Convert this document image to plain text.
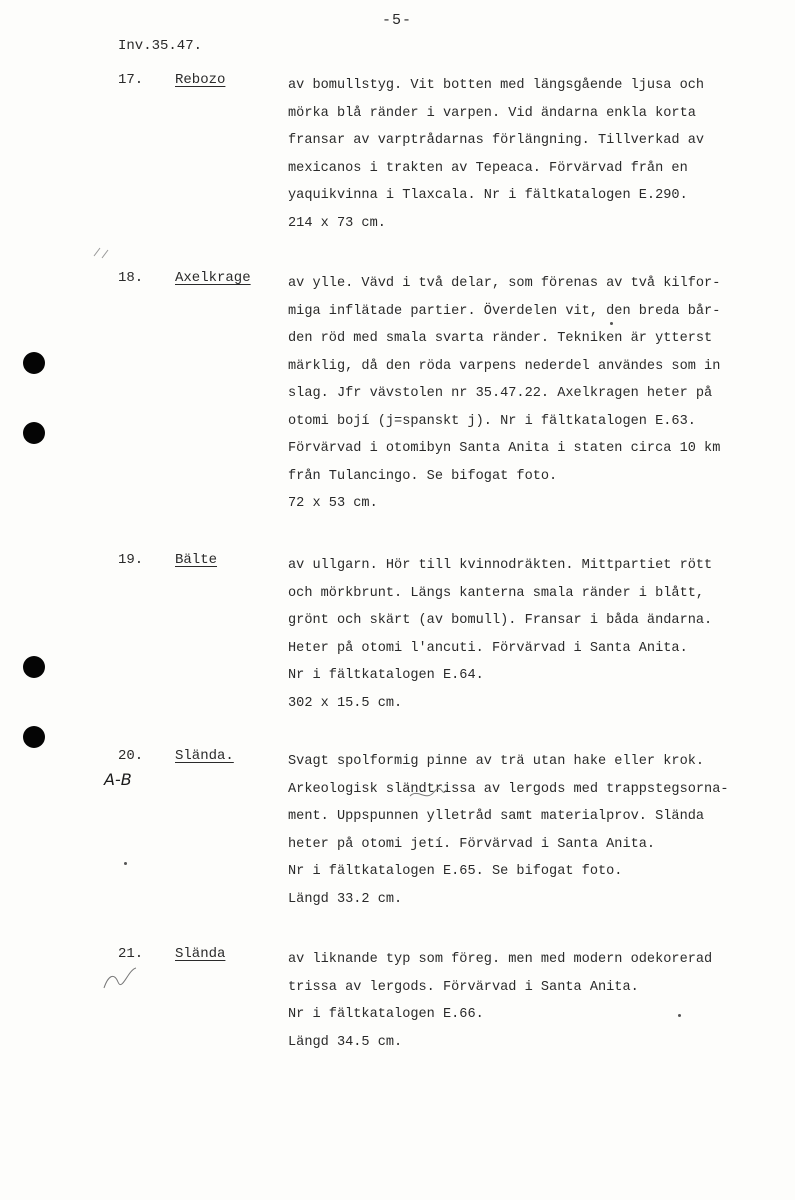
-5-
Inv.35.47.
17. Rebozo	av bomullstyg. Vit botten med längsgående ljusa och
mörka blå ränder i varpen. Vid ändarna enkla korta
fransar av varptrådarnas förlängning. Tillverkad av
mexicanos i trakten av Tepeaca. Förvärvad från en
yaquikvinna i Tlaxcala. Nr i fältkatalogen E.290.
214 x 73 cm.
18. Axelkrage	av ylle. Vävd i två delar, som förenas av två kilfor-
miga inflätade partier. Överdelen vit, den breda bår-
den röd med smala svarta ränder. Tekniken är ytterst
märklig, då den röda varpens nederdel användes som in
slag. Jfr vävstolen nr 35.47.22. Axelkragen heter på
otomi bojí (j=spanskt j). Nr i fältkatalogen E.63.
Förvärvad i otomibyn Santa Anita i staten circa 10 km
från Tulancingo. Se bifogat foto.
72 x 53 cm.
19. Bälte	av ullgarn. Hör till kvinnodräkten. Mittpartiet rött
och mörkbrunt. Längs kanterna smala ränder i blått,
grönt och skärt (av bomull). Fransar i båda ändarna.
Heter på otomi l'ancuti. Förvärvad i Santa Anita.
Nr i fältkatalogen E.64.
302 x 15.5 cm.
20. Slända.	Svagt spolformig pinne av trä utan hake eller krok.
Arkeologisk sländtrissa av lergods med trappstegsorna-
ment. Uppspunnen ylletråd samt materialprov. Slända
heter på otomi jetí. Förvärvad i Santa Anita.
Nr i fältkatalogen E.65. Se bifogat foto.
Längd 33.2 cm.
A-B
21. Slända	av liknande typ som föreg. men med modern odekorerad
trissa av lergods. Förvärvad i Santa Anita.
Nr i fältkatalogen E.66.
Längd 34.5 cm.
